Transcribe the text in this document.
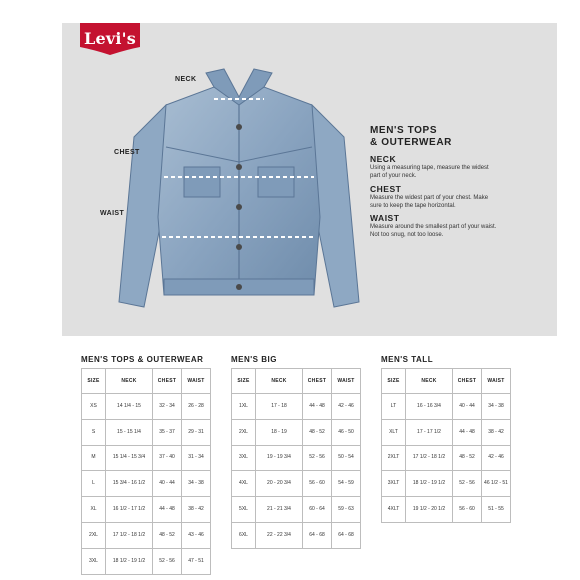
Levi's
NECK
CHEST
WAIST
MEN'S TOPS
& OUTERWEAR
NECK
Using a measuring tape, measure the widest part of your neck.
CHEST
Measure the widest part of your chest. Make sure to keep the tape horizontal.
WAIST
Measure around the smallest part of your waist. Not too snug, not too loose.
MEN'S TOPS & OUTERWEAR	MEN'S BIG	MEN'S TALL
SIZE	NECK	CHEST	WAIST
XS	14 1/4 - 15	32 - 34	26 - 28
S	15 - 15 1/4	35 - 37	29 - 31
M	15 1/4 - 15 3/4	37 - 40	31 - 34
L	15 3/4 - 16 1/2	40 - 44	34 - 38
XL	16 1/2 - 17 1/2	44 - 48	38 - 42
2XL	17 1/2 - 18 1/2	48 - 52	43 - 46
3XL	18 1/2 - 19 1/2	52 - 56	47 - 51
SIZE	NECK	CHEST	WAIST
1XL	17 - 18	44 - 48	42 - 46
2XL	18 - 19	48 - 52	46 - 50
3XL	19 - 19 3/4	52 - 56	50 - 54
4XL	20 - 20 3/4	56 - 60	54 - 59
5XL	21 - 21 3/4	60 - 64	59 - 63
6XL	22 - 22 3/4	64 - 68	64 - 68
SIZE	NECK	CHEST	WAIST
LT	16 - 16 3/4	40 - 44	34 - 38
XLT	17 - 17 1/2	44 - 48	38 - 42
2XLT	17 1/2 - 18 1/2	48 - 52	42 - 46
3XLT	18 1/2 - 19 1/2	52 - 56	46 1/2 - 51
4XLT	19 1/2 - 20 1/2	56 - 60	51 - 55
